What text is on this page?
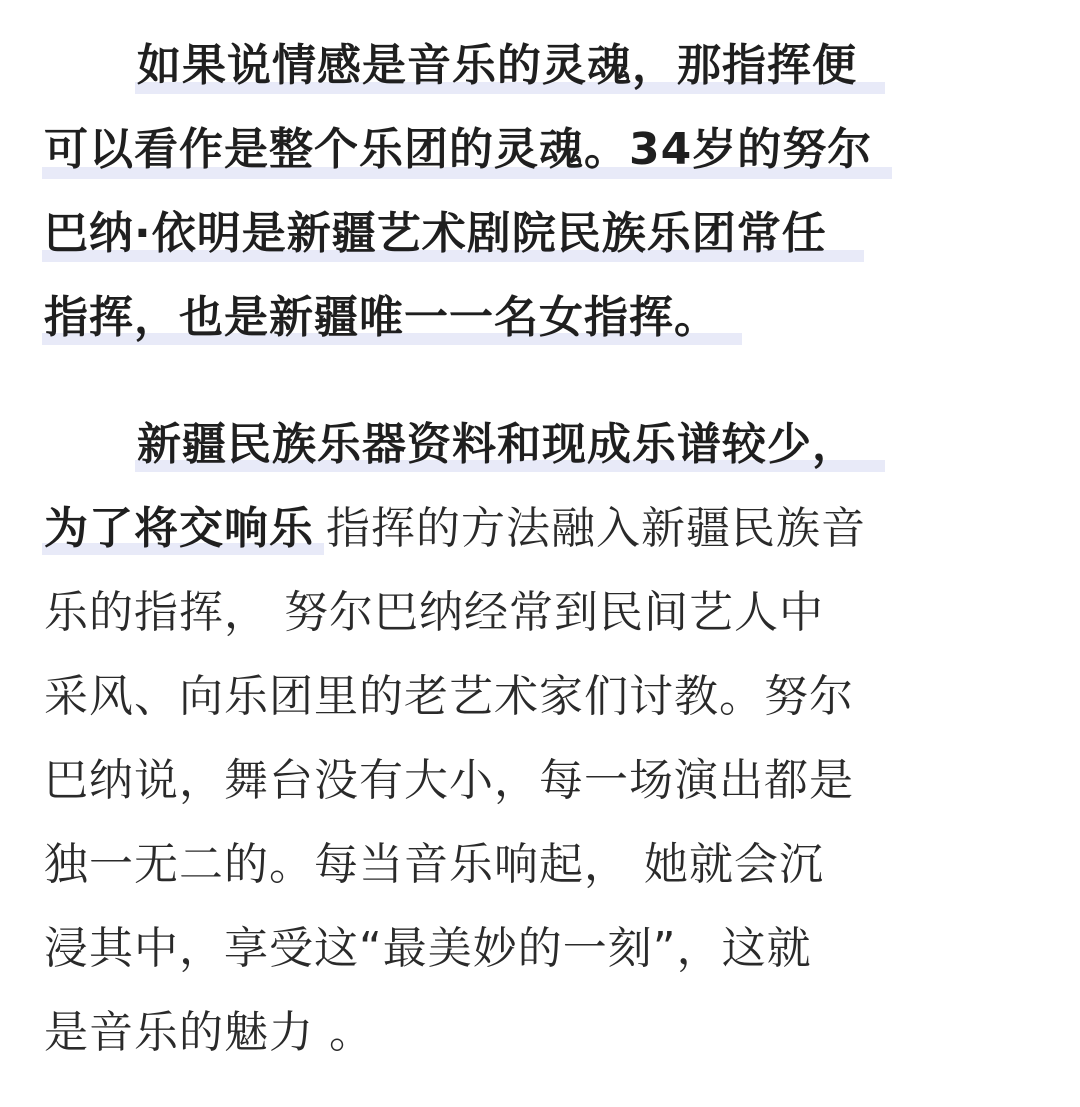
如果说情感是音乐的灵魂，那指挥便
可以看作是整个乐团的灵魂。34岁的努尔
巴纳·依明是新疆艺术剧院民族乐团常任
指挥，也是新疆唯一一名女指挥。
新疆民族乐器资料和现成乐谱较少，
为了将交响乐 指挥的方法融入新疆民族音
乐的指挥， 努尔巴纳经常到民间艺人中
采风、向乐团里的老艺术家们讨教。努尔
巴纳说，舞台没有大小，每一场演出都是
独一无二的。每当音乐响起， 她就会沉
浸其中，享受这“最美妙的一刻”，这就
是音乐的魅力 。
